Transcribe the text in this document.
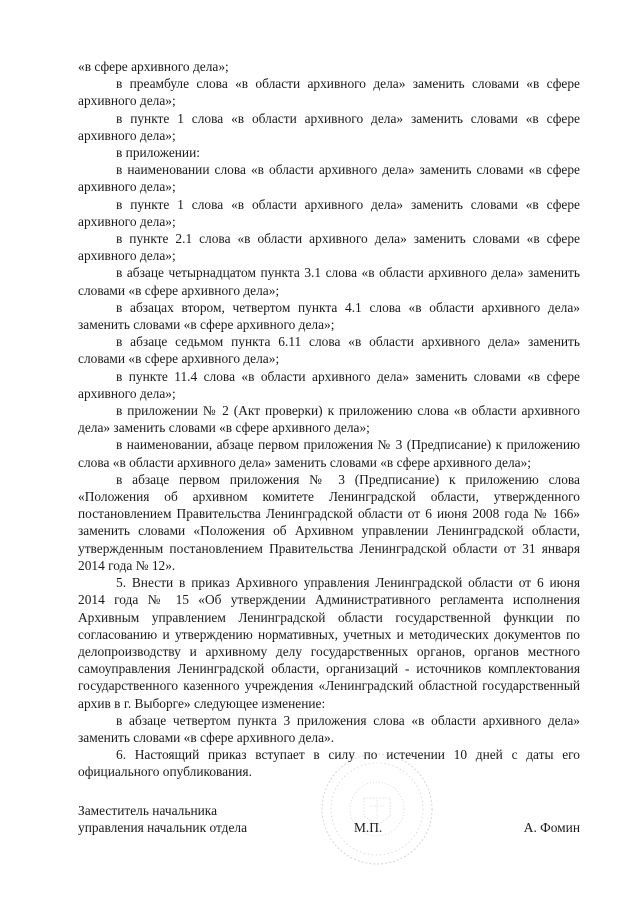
«в сфере архивного дела»;

в преамбуле слова «в области архивного дела» заменить словами «в сфере архивного дела»;

в пункте 1 слова «в области архивного дела» заменить словами «в сфере архивного дела»;

в приложении:

в наименовании слова «в области архивного дела» заменить словами «в сфере архивного дела»;

в пункте 1 слова «в области архивного дела» заменить словами «в сфере архивного дела»;

в пункте 2.1 слова «в области архивного дела» заменить словами «в сфере архивного дела»;

в абзаце четырнадцатом пункта 3.1 слова «в области архивного дела» заменить словами «в сфере архивного дела»;

в абзацах втором, четвертом пункта 4.1 слова «в области архивного дела» заменить словами «в сфере архивного дела»;

в абзаце седьмом пункта 6.11 слова «в области архивного дела» заменить словами «в сфере архивного дела»;

в пункте 11.4 слова «в области архивного дела» заменить словами «в сфере архивного дела»;

в приложении № 2 (Акт проверки) к приложению слова «в области архивного дела» заменить словами «в сфере архивного дела»;

в наименовании, абзаце первом приложения № 3 (Предписание) к приложению слова «в области архивного дела» заменить словами «в сфере архивного дела»;

в абзаце первом приложения № 3 (Предписание) к приложению слова «Положения об архивном комитете Ленинградской области, утвержденного постановлением Правительства Ленинградской области от 6 июня 2008 года № 166» заменить словами «Положения об Архивном управлении Ленинградской области, утвержденным постановлением Правительства Ленинградской области от 31 января 2014 года № 12».

5. Внести в приказ Архивного управления Ленинградской области от 6 июня 2014 года № 15 «Об утверждении Административного регламента исполнения Архивным управлением Ленинградской области государственной функции по согласованию и утверждению нормативных, учетных и методических документов по делопроизводству и архивному делу государственных органов, органов местного самоуправления Ленинградской области, организаций - источников комплектования государственного казенного учреждения «Ленинградский областной государственный архив в г. Выборге» следующее изменение:

в абзаце четвертом пункта 3 приложения слова «в области архивного дела» заменить словами «в сфере архивного дела».

6. Настоящий приказ вступает в силу по истечении 10 дней с даты его официального опубликования.

Заместитель начальника
управления начальник отдела	М.П.	А. Фомин
